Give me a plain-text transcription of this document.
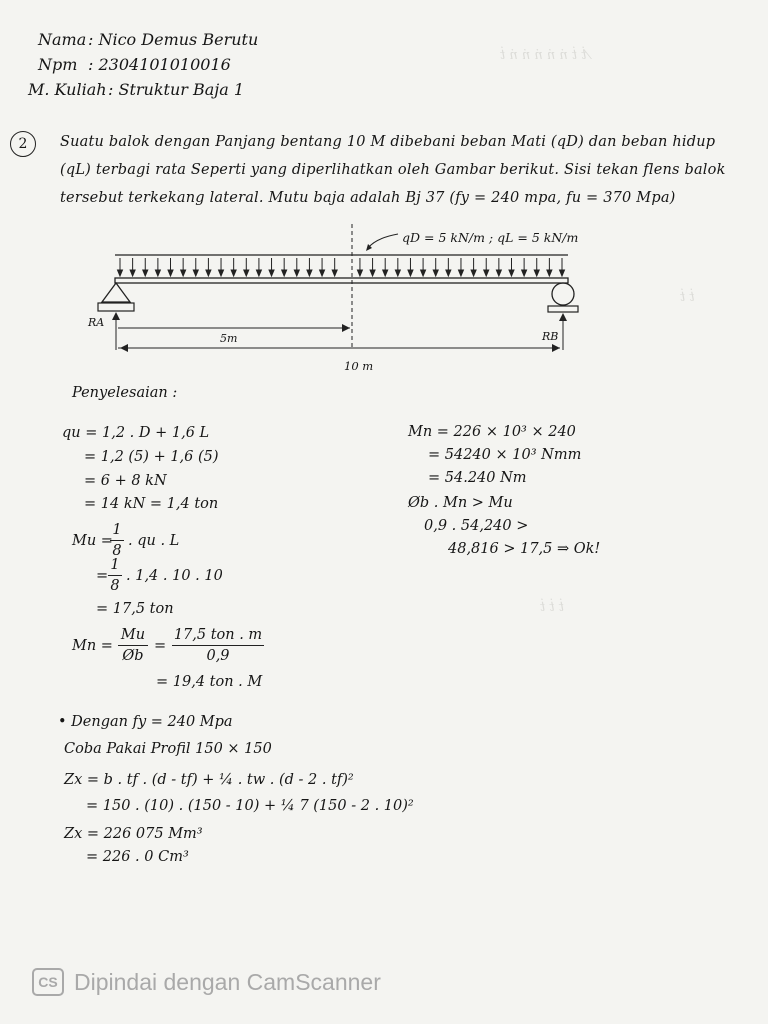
⁄ṫ ṫ ṅ ṅ ṅ ṅ ṅ ṫ
ṫ ṫ
ṫ ṫ ṫ
Nama : Nico Demus Berutu
Npm : 2304101010016
M. Kuliah : Struktur Baja 1
2	Suatu balok dengan Panjang bentang 10 M dibebani beban Mati (qD) dan beban hidup
(qL) terbagi rata Seperti yang diperlihatkan oleh Gambar berikut. Sisi tekan flens balok
tersebut terkekang lateral. Mutu baja adalah Bj 37 (fy = 240 mpa, fu = 370 Mpa)
qD = 5 kN/m ; qL = 5 kN/m
RA
RB
5m
10 m
Penyelesaian :
qu = 1,2 . D + 1,6 L
= 1,2 (5) + 1,6 (5)
= 6 + 8 kN
= 14 kN = 1,4 ton
Mu =
1
8
. qu . L
=
1
8
. 1,4 . 10 . 10
= 17,5 ton
Mn =
Mu
Øb
=
17,5 ton . m
0,9
= 19,4 ton . M
Mn = 226 × 10³ × 240
= 54240 × 10³ Nmm
= 54.240 Nm
Øb . Mn > Mu
0,9 . 54,240 >
48,816 > 17,5 ⇒ Ok!
• Dengan fy = 240 Mpa
Coba Pakai Profil 150 × 150
Zx = b . tf . (d - tf) + ¼ . tw . (d - 2 . tf)²
= 150 . (10) . (150 - 10) + ¼ 7 (150 - 2 . 10)²
Zx = 226 075 Mm³
= 226 . 0 Cm³
CS Dipindai dengan CamScanner
